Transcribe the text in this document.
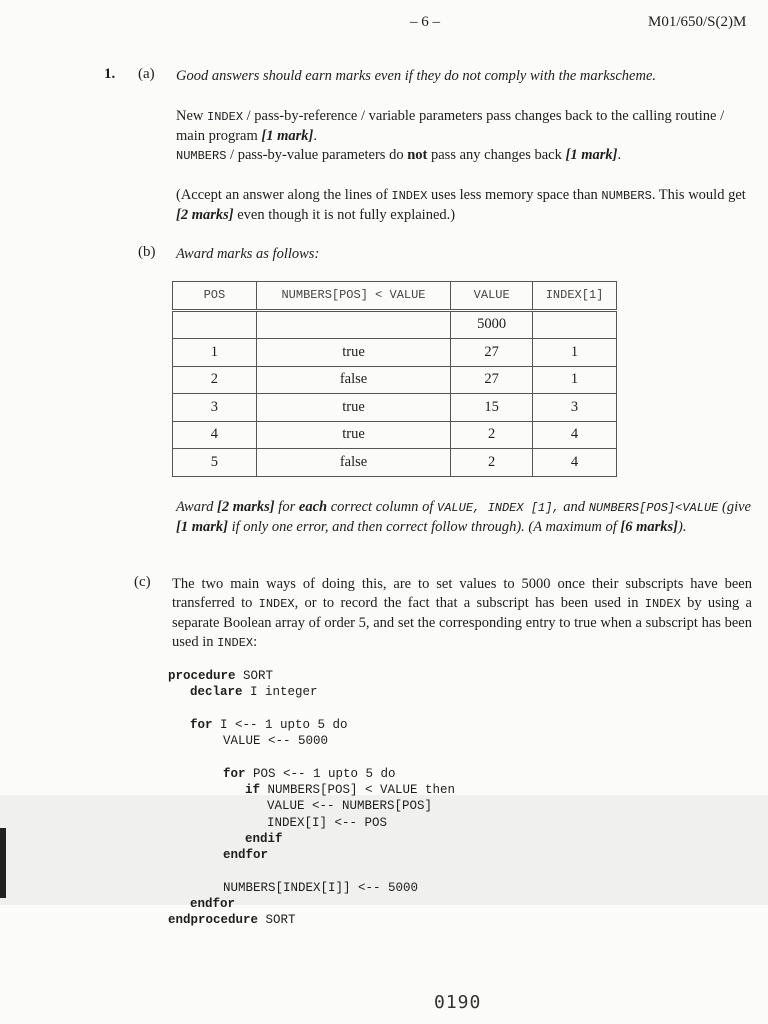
– 6 –	M01/650/S(2)M
1. (a) Good answers should earn marks even if they do not comply with the markscheme.
New INDEX / pass-by-reference / variable parameters pass changes back to the calling routine / main program [1 mark].
NUMBERS / pass-by-value parameters do not pass any changes back [1 mark].
(Accept an answer along the lines of INDEX uses less memory space than NUMBERS. This would get [2 marks] even though it is not fully explained.)
(b) Award marks as follows:
POS	NUMBERS[POS] < VALUE	VALUE	INDEX[1]
		5000	
1	true	27	1
2	false	27	1
3	true	15	3
4	true	2	4
5	false	2	4
Award [2 marks] for each correct column of VALUE, INDEX [1], and NUMBERS[POS]<VALUE (give [1 mark] if only one error, and then correct follow through). (A maximum of [6 marks]).
(c) The two main ways of doing this, are to set values to 5000 once their subscripts have been transferred to INDEX, or to record the fact that a subscript has been used in INDEX by using a separate Boolean array of order 5, and set the corresponding entry to true when a subscript has been used in INDEX:
procedure SORT
declare I integer
for I <-- 1 upto 5 do
VALUE <-- 5000
for POS <-- 1 upto 5 do
if NUMBERS[POS] < VALUE then
VALUE <-- NUMBERS[POS]
INDEX[I] <-- POS
endif
endfor
NUMBERS[INDEX[I]] <-- 5000
endfor
endprocedure SORT
0190
